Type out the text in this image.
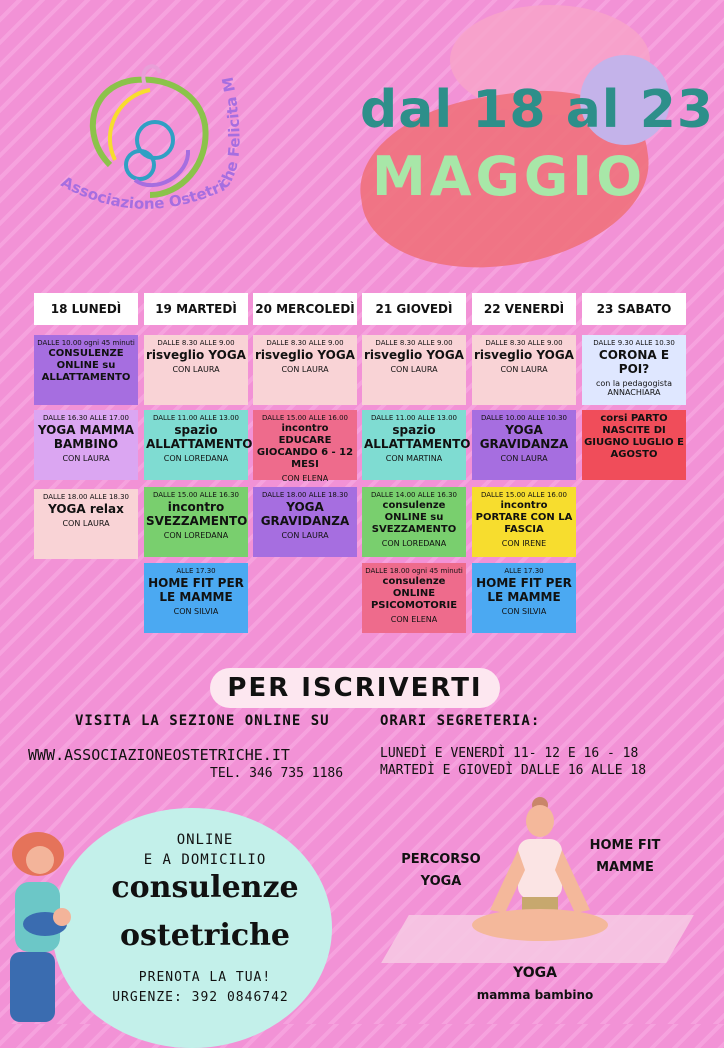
Associazione Ostetriche Felicita M dal 18 al 23
MAGGIO
18 LUNEDÌ
DALLE 10.00 ogni 45 minuti
CONSULENZE ONLINE su ALLATTAMENTO
DALLE 16.30 ALLE 17.00
YOGA MAMMA BAMBINO
CON LAURA
DALLE 18.00 ALLE 18.30
YOGA relax
CON LAURA
19 MARTEDÌ
DALLE 8.30 ALLE 9.00
risveglio YOGA
CON LAURA
DALLE 11.00 ALLE 13.00
spazio ALLATTAMENTO
CON LOREDANA
DALLE 15.00 ALLE 16.30
incontro SVEZZAMENTO
CON LOREDANA
ALLE 17.30
HOME FIT PER LE MAMME
CON SILVIA
20 MERCOLEDÌ
DALLE 8.30 ALLE 9.00
risveglio YOGA
CON LAURA
DALLE 15.00 ALLE 16.00
incontro EDUCARE GIOCANDO 6 - 12 MESI
CON ELENA
DALLE 18.00 ALLE 18.30
YOGA GRAVIDANZA
CON LAURA
21 GIOVEDÌ
DALLE 8.30 ALLE 9.00
risveglio YOGA
CON LAURA
DALLE 11.00 ALLE 13.00
spazio ALLATTAMENTO
CON MARTINA
DALLE 14.00 ALLE 16.30
consulenze ONLINE su SVEZZAMENTO
CON LOREDANA
DALLE 18.00 ogni 45 minuti
consulenze ONLINE PSICOMOTORIE
CON ELENA
22 VENERDÌ
DALLE 8.30 ALLE 9.00
risveglio YOGA
CON LAURA
DALLE 10.00 ALLE 10.30
YOGA GRAVIDANZA
CON LAURA
DALLE 15.00 ALLE 16.00
incontro PORTARE CON LA FASCIA
CON IRENE
ALLE 17.30
HOME FIT PER LE MAMME
CON SILVIA
23 SABATO
DALLE 9.30 ALLE 10.30
CORONA E POI?
con la pedagogista ANNACHIARA
corsi PARTO NASCITE DI GIUGNO LUGLIO E AGOSTO
PER ISCRIVERTI
VISITA LA SEZIONE ONLINE SU	ORARI SEGRETERIA:
WWW.ASSOCIAZIONEOSTETRICHE.IT
TEL. 346 735 1186
LUNEDÌ E VENERDÌ 11- 12 E 16 - 18
MARTEDÌ E GIOVEDÌ DALLE 16 ALLE 18
ONLINE
E A DOMICILIO
consulenze
ostetriche
PRENOTA LA TUA!
URGENZE: 392 0846742
PERCORSO
YOGA
HOME FIT
MAMME
YOGA
mamma bambino
